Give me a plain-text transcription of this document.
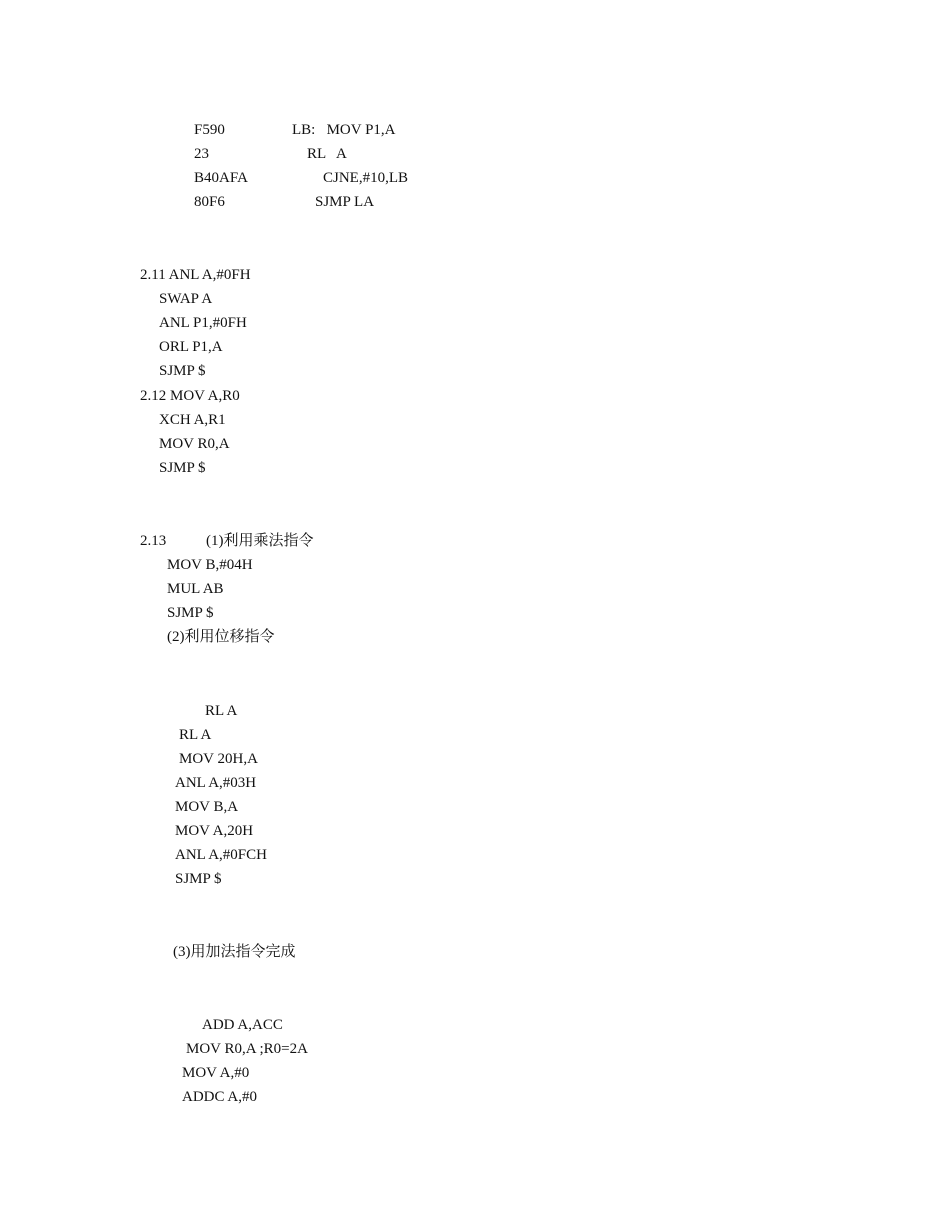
F590	LB:   MOV P1,A
23	RL   A
B40AFA	CJNE,#10,LB
80F6	SJMP LA
2.11 ANL A,#0FH
SWAP A
ANL P1,#0FH
ORL P1,A
SJMP $
2.12 MOV A,R0
XCH A,R1
MOV R0,A
SJMP $
2.13	(1)利用乘法指令
MOV B,#04H
MUL AB
SJMP $
(2)利用位移指令
RL A
RL A
MOV 20H,A
ANL A,#03H
MOV B,A
MOV A,20H
ANL A,#0FCH
SJMP $
(3)用加法指令完成
ADD A,ACC
MOV R0,A ;R0=2A
MOV A,#0
ADDC A,#0
